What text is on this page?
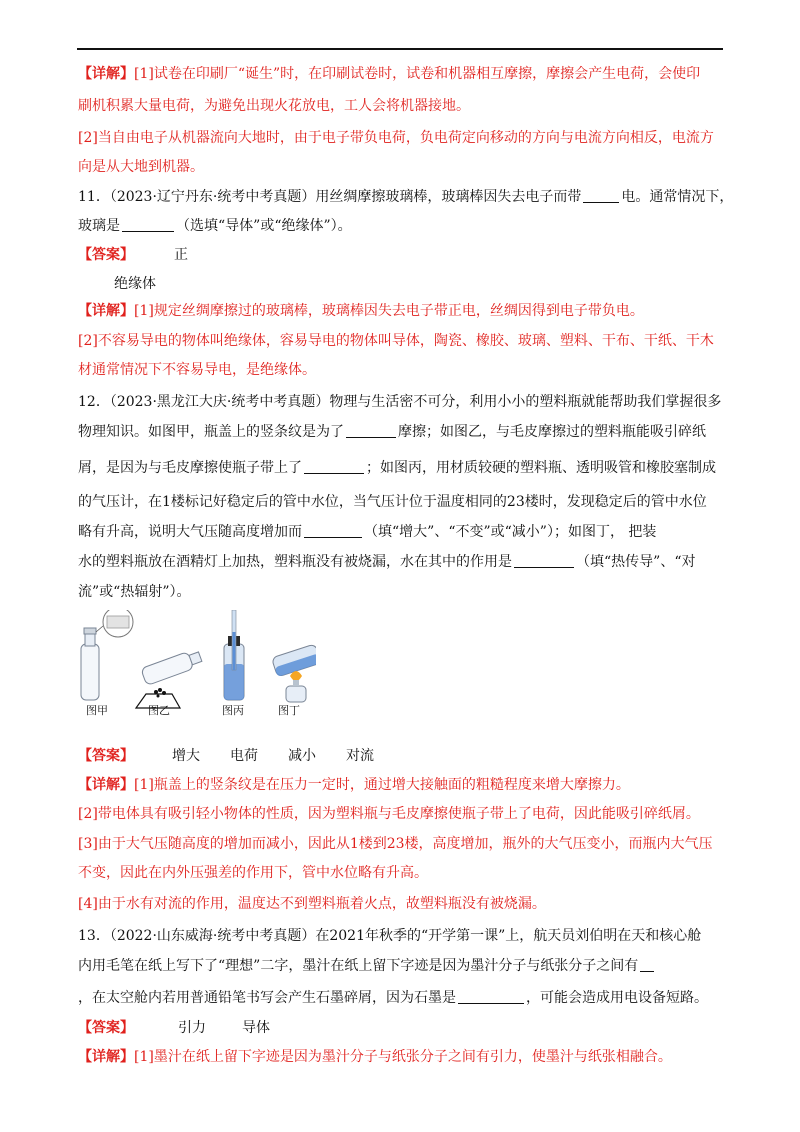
【详解】[1]试卷在印刷厂“诞生”时，在印刷试卷时，试卷和机器相互摩擦，摩擦会产生电荷，会使印
刷机积累大量电荷，为避免出现火花放电，工人会将机器接地。
[2]当自由电子从机器流向大地时，由于电子带负电荷，负电荷定向移动的方向与电流方向相反，电流方
向是从大地到机器。
11．（2023·辽宁丹东·统考中考真题）用丝绸摩擦玻璃棒，玻璃棒因失去电子而带	电。通常情况下，
玻璃是	（选填“导体”或“绝缘体”）。
【答案】	正
绝缘体
【详解】[1]规定丝绸摩擦过的玻璃棒，玻璃棒因失去电子带正电，丝绸因得到电子带负电。
[2]不容易导电的物体叫绝缘体，容易导电的物体叫导体，陶瓷、橡胶、玻璃、塑料、干布、干纸、干木
材通常情况下不容易导电，是绝缘体。
12．（2023·黑龙江大庆·统考中考真题）物理与生活密不可分，利用小小的塑料瓶就能帮助我们掌握很多
物理知识。如图甲，瓶盖上的竖条纹是为了	摩擦；如图乙，与毛皮摩擦过的塑料瓶能吸引碎纸
屑，是因为与毛皮摩擦使瓶子带上了	；如图丙，用材质较硬的塑料瓶、透明吸管和橡胶塞制成
的气压计，在1楼标记好稳定后的管中水位，当气压计位于温度相同的23楼时，发现稳定后的管中水位
略有升高，说明大气压随高度增加而	（填“增大”、“不变”或“减小”）；如图丁， 把装
水的塑料瓶放在酒精灯上加热，塑料瓶没有被烧漏，水在其中的作用是	（填“热传导”、“对
流”或“热辐射”）。
图甲	图乙	图丙	图丁
【答案】	增大 电荷 减小 对流
【详解】[1]瓶盖上的竖条纹是在压力一定时，通过增大接触面的粗糙程度来增大摩擦力。
[2]带电体具有吸引轻小物体的性质，因为塑料瓶与毛皮摩擦使瓶子带上了电荷，因此能吸引碎纸屑。
[3]由于大气压随高度的增加而减小，因此从1楼到23楼，高度增加，瓶外的大气压变小，而瓶内大气压
不变，因此在内外压强差的作用下，管中水位略有升高。
[4]由于水有对流的作用，温度达不到塑料瓶着火点，故塑料瓶没有被烧漏。
13．（2022·山东威海·统考中考真题）在2021年秋季的“开学第一课”上，航天员刘伯明在天和核心舱
内用毛笔在纸上写下了“理想”二字，墨汁在纸上留下字迹是因为墨汁分子与纸张分子之间有
，在太空舱内若用普通铅笔书写会产生石墨碎屑，因为石墨是	，可能会造成用电设备短路。
【答案】	引力	导体
【详解】[1]墨汁在纸上留下字迹是因为墨汁分子与纸张分子之间有引力，使墨汁与纸张相融合。
